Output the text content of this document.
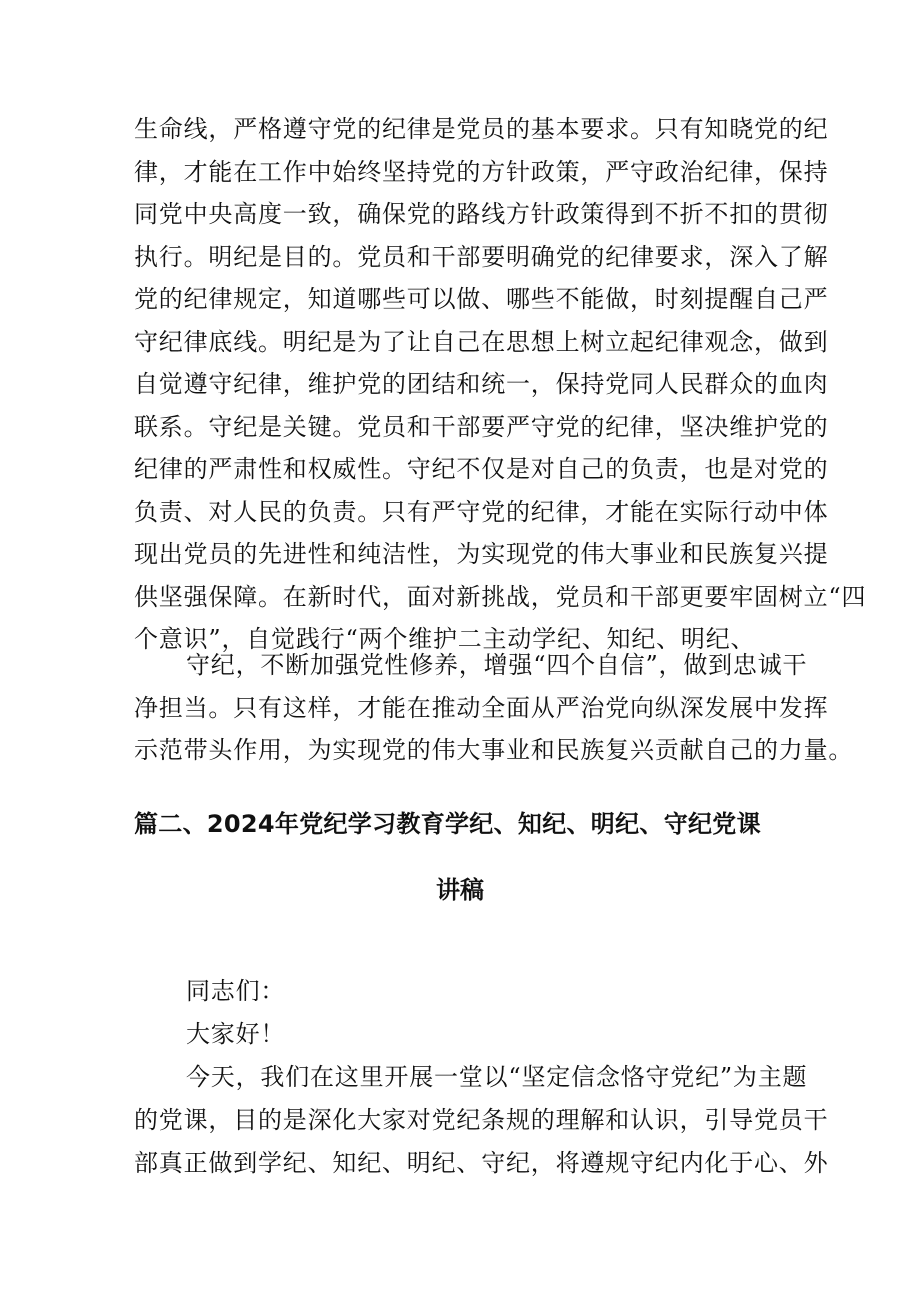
生命线，严格遵守党的纪律是党员的基本要求。只有知晓党的纪
律，才能在工作中始终坚持党的方针政策，严守政治纪律，保持
同党中央高度一致，确保党的路线方针政策得到不折不扣的贯彻
执行。明纪是目的。党员和干部要明确党的纪律要求，深入了解
党的纪律规定，知道哪些可以做、哪些不能做，时刻提醒自己严
守纪律底线。明纪是为了让自己在思想上树立起纪律观念，做到
自觉遵守纪律，维护党的团结和统一，保持党同人民群众的血肉
联系。守纪是关键。党员和干部要严守党的纪律，坚决维护党的
纪律的严肃性和权威性。守纪不仅是对自己的负责，也是对党的
负责、对人民的负责。只有严守党的纪律，才能在实际行动中体
现出党员的先进性和纯洁性，为实现党的伟大事业和民族复兴提
供坚强保障。在新时代，面对新挑战，党员和干部更要牢固树立“四
个意识”，自觉践行“两个维护二主动学纪、知纪、明纪、
守纪，不断加强党性修养，增强“四个自信”，做到忠诚干
净担当。只有这样，才能在推动全面从严治党向纵深发展中发挥
示范带头作用，为实现党的伟大事业和民族复兴贡献自己的力量。
篇二、2024年党纪学习教育学纪、知纪、明纪、守纪党课
讲稿
同志们：
大家好！
今天，我们在这里开展一堂以“坚定信念恪守党纪”为主题
的党课，目的是深化大家对党纪条规的理解和认识，引导党员干
部真正做到学纪、知纪、明纪、守纪，将遵规守纪内化于心、外
